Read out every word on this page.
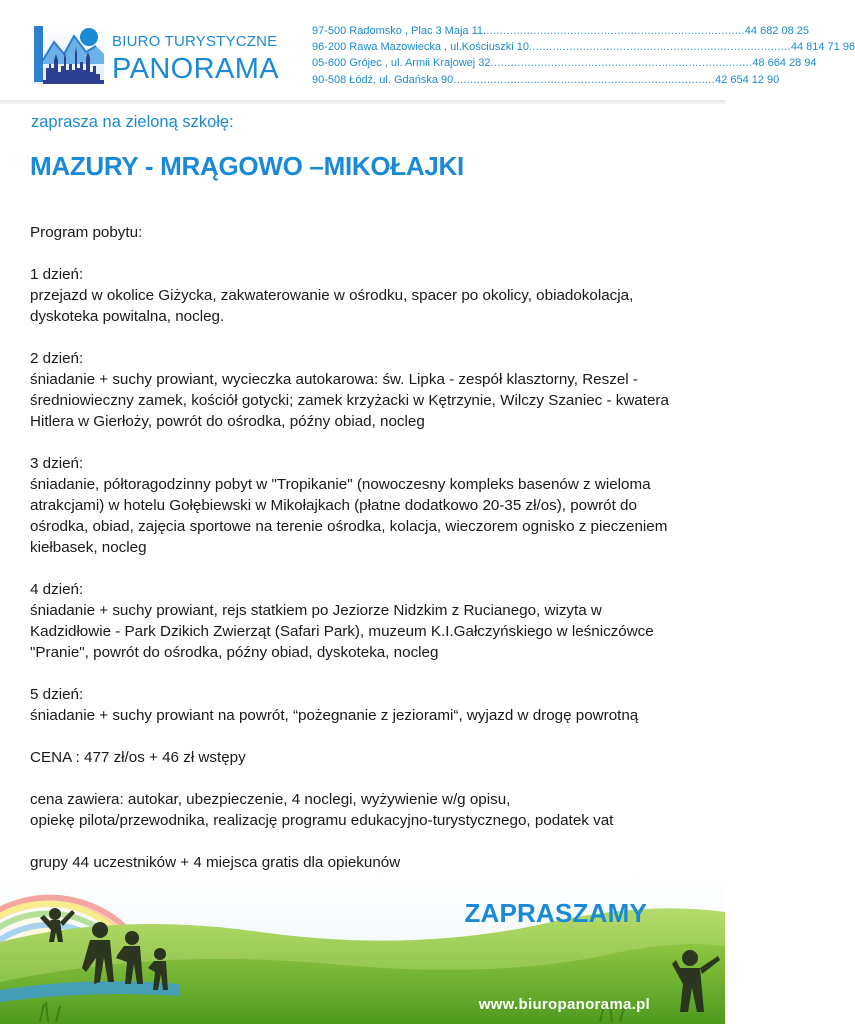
BIURO TURYSTYCZNE
PANORAMA
97-500 Radomsko , Plac 3 Maja 11 .............................................................................. 44 682 08 25
96-200 Rawa Mazowiecka , ul.Kościuszki 10 .............................................................................. 44 814 71 96
05-600 Grójec , ul. Armii Krajowej 32 .............................................................................. 48 664 28 94
90-508 Łódź, ul. Gdańska 90 .............................................................................. 42 654 12 90
zaprasza na zieloną szkołę:
MAZURY - MRĄGOWO –MIKOŁAJKI

Program pobytu:

1 dzień:
przejazd w okolice Giżycka, zakwaterowanie w ośrodku, spacer po okolicy, obiadokolacja,
dyskoteka powitalna, nocleg.

2 dzień:
śniadanie + suchy prowiant, wycieczka autokarowa: św. Lipka - zespół klasztorny, Reszel -
średniowieczny zamek, kościół gotycki; zamek krzyżacki w Kętrzynie, Wilczy Szaniec - kwatera
Hitlera w Gierłoży, powrót do ośrodka, późny obiad, nocleg

3 dzień:
śniadanie, półtoragodzinny pobyt w "Tropikanie" (nowoczesny kompleks basenów z wieloma
atrakcjami) w hotelu Gołębiewski w Mikołajkach (płatne dodatkowo 20-35 zł/os), powrót do
ośrodka, obiad, zajęcia sportowe na terenie ośrodka, kolacja, wieczorem ognisko z pieczeniem
kiełbasek, nocleg

4 dzień:
śniadanie + suchy prowiant, rejs statkiem po Jeziorze Nidzkim z Rucianego, wizyta w
Kadzidłowie - Park Dzikich Zwierząt (Safari Park), muzeum K.I.Gałczyńskiego w leśniczówce
"Pranie", powrót do ośrodka, późny obiad, dyskoteka, nocleg

5 dzień:
śniadanie + suchy prowiant na powrót, “pożegnanie z jeziorami“, wyjazd w drogę powrotną

CENA : 477 zł/os + 46 zł wstępy

cena zawiera: autokar, ubezpieczenie, 4 noclegi, wyżywienie w/g opisu,
opiekę pilota/przewodnika, realizację programu edukacyjno-turystycznego, podatek vat

grupy 44 uczestników + 4 miejsca gratis dla opiekunów

ZAPRASZAMY
www.biuropanorama.pl
